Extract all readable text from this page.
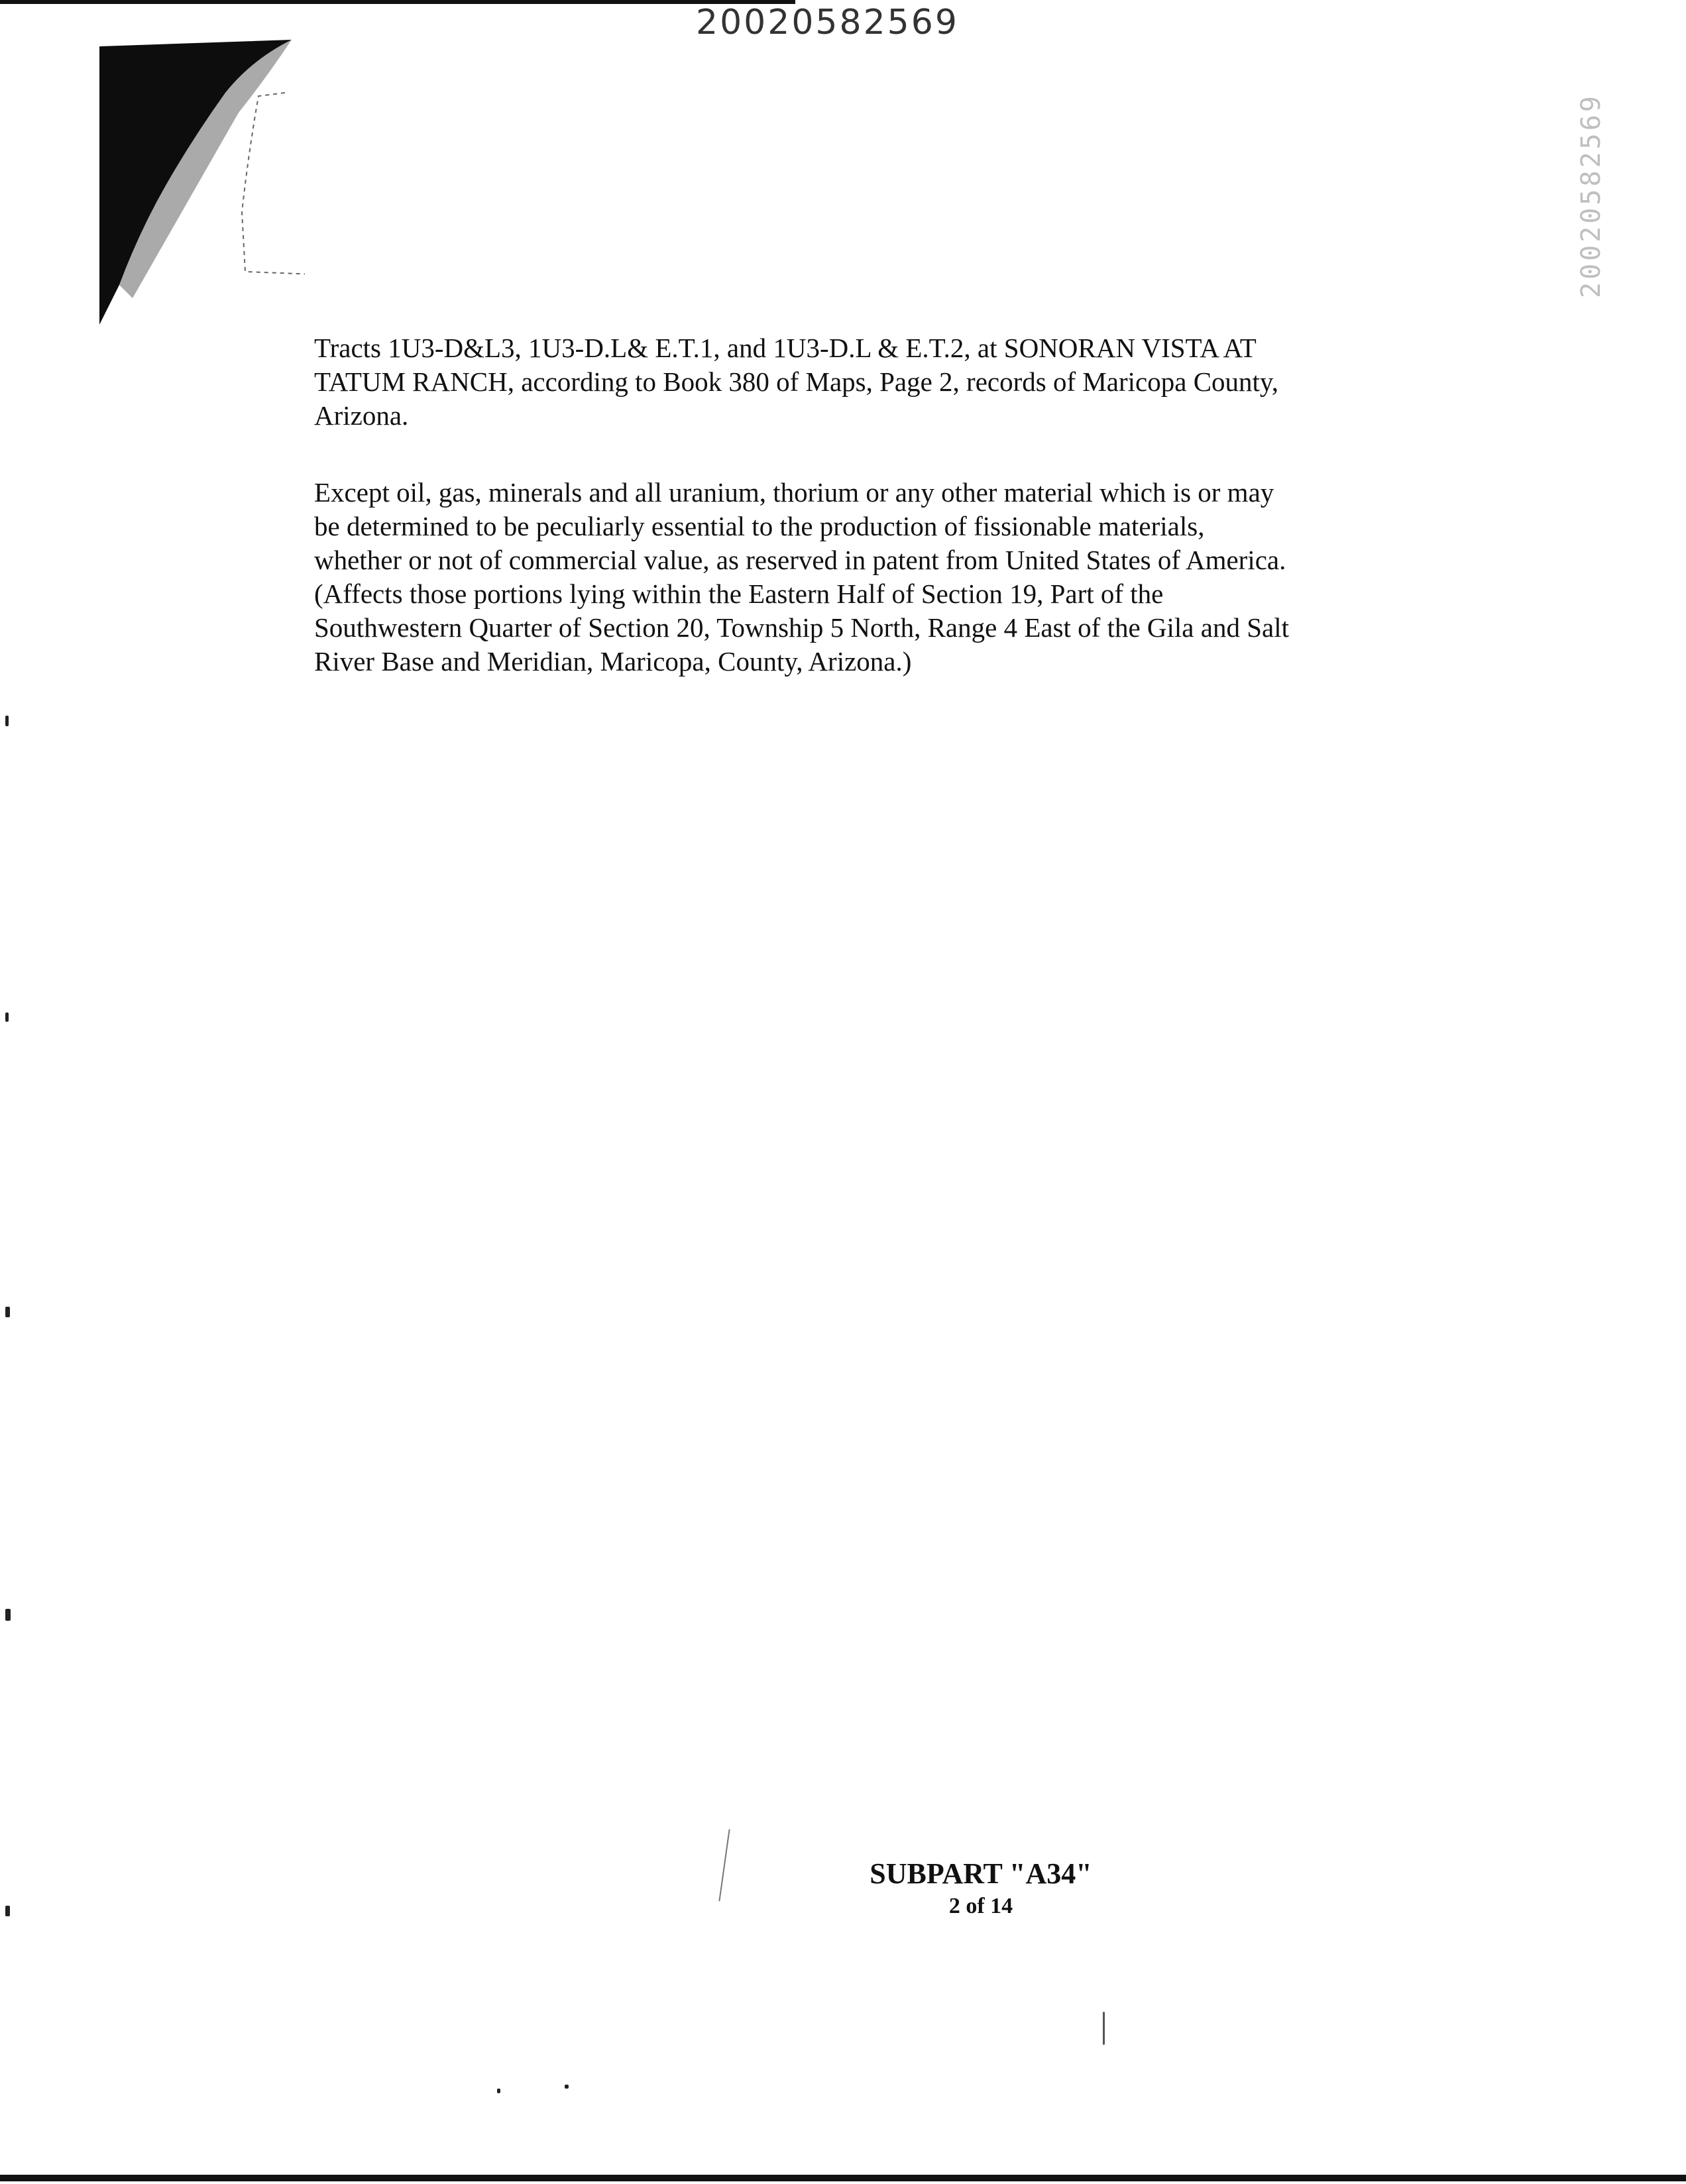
20020582569
20020582569

Tracts 1U3-D&L3, 1U3-D.L& E.T.1, and 1U3-D.L & E.T.2, at SONORAN VISTA AT
TATUM RANCH, according to Book 380 of Maps, Page 2, records of Maricopa County,
Arizona.

Except oil, gas, minerals and all uranium, thorium or any other material which is or may
be determined to be peculiarly essential to the production of fissionable materials,
whether or not of commercial value, as reserved in patent from United States of America.
(Affects those portions lying within the Eastern Half of Section 19, Part of the
Southwestern Quarter of Section 20, Township 5 North, Range 4 East of the Gila and Salt
River Base and Meridian, Maricopa, County, Arizona.)

SUBPART "A34"
2 of 14
